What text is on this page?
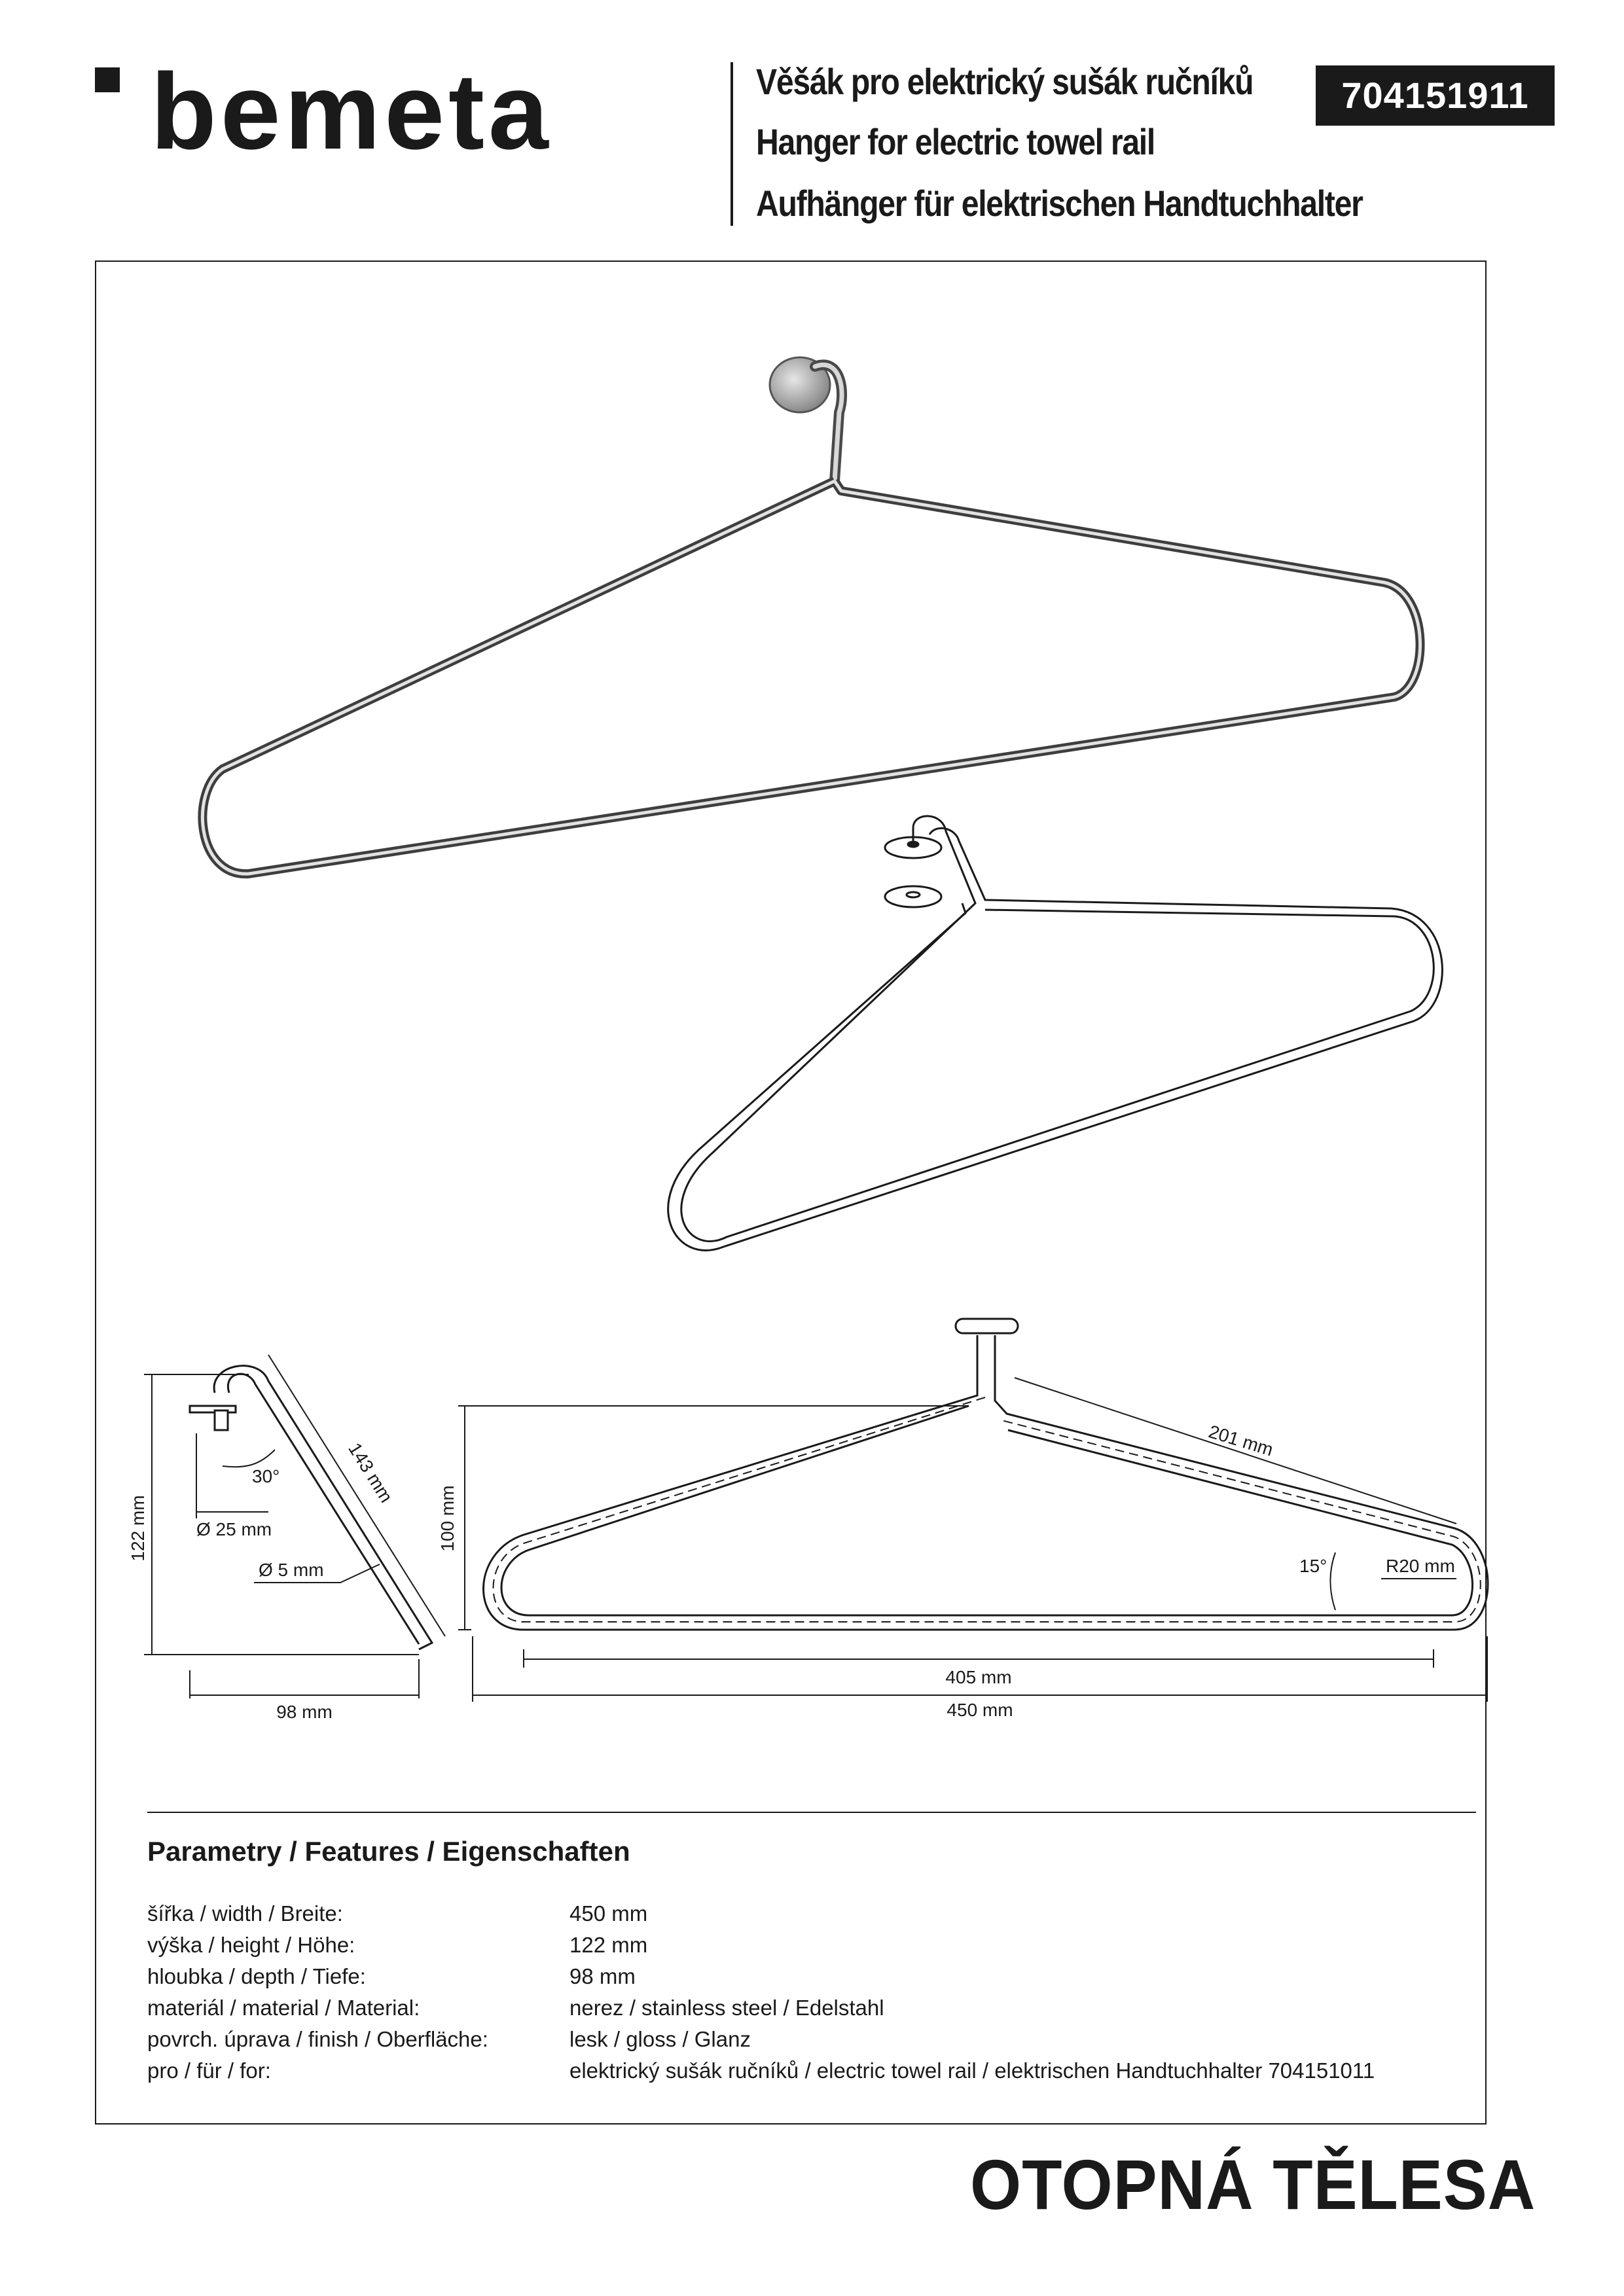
bemeta	Věšák pro elektrický sušák ručníků
Hanger for electric towel rail
Aufhänger für elektrischen Handtuchhalter
704151911
122 mm
143 mm
30°
Ø 25 mm
Ø 5 mm
98 mm
100 mm
201 mm
15°	R20 mm
405 mm
450 mm
Parametry / Features / Eigenschaften
šířka / width / Breite:	450 mm
výška / height / Höhe:	122 mm
hloubka / depth / Tiefe:	98 mm
materiál / material / Material:	nerez / stainless steel / Edelstahl
povrch. úprava / finish / Oberfläche:	lesk / gloss / Glanz
pro / für / for:	elektrický sušák ručníků / electric towel rail / elektrischen Handtuchhalter 704151011
OTOPNÁ TĚLESA
